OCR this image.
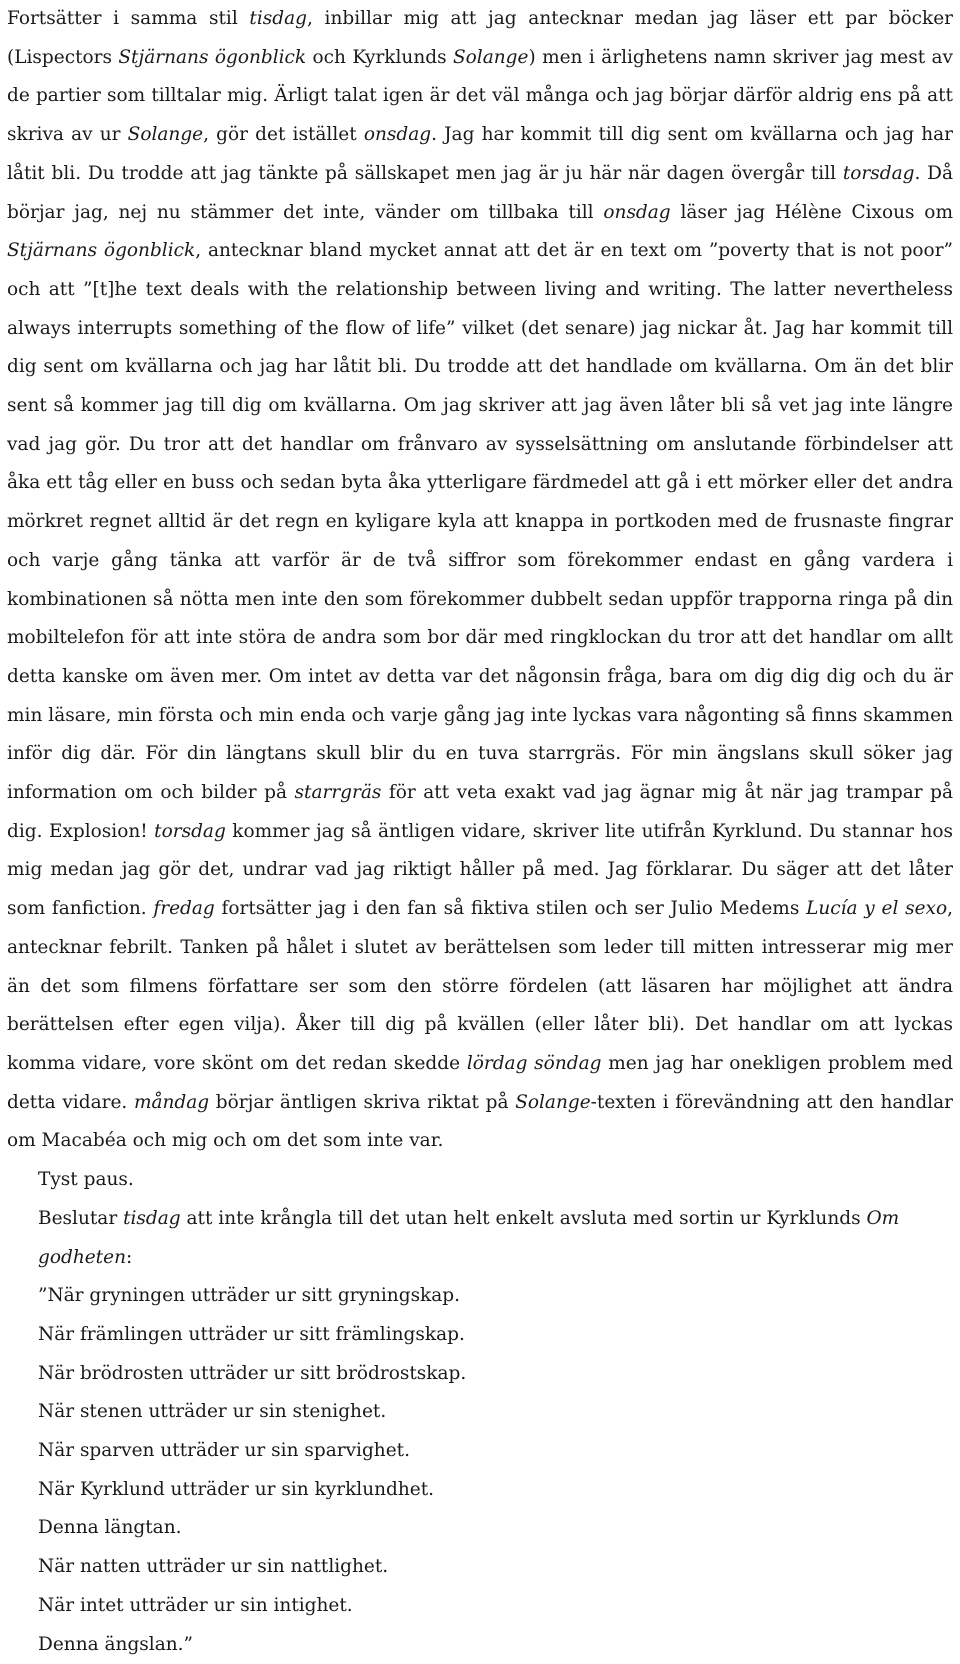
Fortsätter i samma stil tisdag, inbillar mig att jag antecknar medan jag läser ett par böcker (Lispectors Stjärnans ögonblick och Kyrklunds Solange) men i ärlighetens namn skriver jag mest av de partier som tilltalar mig. Ärligt talat igen är det väl många och jag börjar därför aldrig ens på att skriva av ur Solange, gör det istället onsdag. Jag har kommit till dig sent om kvällarna och jag har låtit bli. Du trodde att jag tänkte på sällskapet men jag är ju här när dagen övergår till torsdag. Då börjar jag, nej nu stämmer det inte, vänder om tillbaka till onsdag läser jag Hélène Cixous om Stjärnans ögonblick, antecknar bland mycket annat att det är en text om ”poverty that is not poor” och att ”[t]he text deals with the relationship between living and writing. The latter nevertheless always interrupts something of the flow of life” vilket (det senare) jag nickar åt. Jag har kommit till dig sent om kvällarna och jag har låtit bli. Du trodde att det handlade om kvällarna. Om än det blir sent så kommer jag till dig om kvällarna. Om jag skriver att jag även låter bli så vet jag inte längre vad jag gör. Du tror att det handlar om frånvaro av sysselsättning om anslutande förbindelser att åka ett tåg eller en buss och sedan byta åka ytterligare färdmedel att gå i ett mörker eller det andra mörkret regnet alltid är det regn en kyligare kyla att knappa in portkoden med de frusnaste fingrar och varje gång tänka att varför är de två siffror som förekommer endast en gång vardera i kombinationen så nötta men inte den som förekommer dubbelt sedan uppför trapporna ringa på din mobiltelefon för att inte störa de andra som bor där med ringklockan du tror att det handlar om allt detta kanske om även mer. Om intet av detta var det någonsin fråga, bara om dig dig dig och du är min läsare, min första och min enda och varje gång jag inte lyckas vara någonting så finns skammen inför dig där. För din längtans skull blir du en tuva starrgräs. För min ängslans skull söker jag information om och bilder på starrgräs för att veta exakt vad jag ägnar mig åt när jag trampar på dig. Explosion! torsdag kommer jag så äntligen vidare, skriver lite utifrån Kyrklund. Du stannar hos mig medan jag gör det, undrar vad jag riktigt håller på med. Jag förklarar. Du säger att det låter som fanfiction. fredag fortsätter jag i den fan så fiktiva stilen och ser Julio Medems Lucía y el sexo, antecknar febrilt. Tanken på hålet i slutet av berättelsen som leder till mitten intresserar mig mer än det som filmens författare ser som den större fördelen (att läsaren har möjlighet att ändra berättelsen efter egen vilja). Åker till dig på kvällen (eller låter bli). Det handlar om att lyckas komma vidare, vore skönt om det redan skedde lördag söndag men jag har onekligen problem med detta vidare. måndag börjar äntligen skriva riktat på Solange-texten i förevändning att den handlar om Macabéa och mig och om det som inte var.

Tyst paus.

Beslutar tisdag att inte krångla till det utan helt enkelt avsluta med sortin ur Kyrklunds Om godheten:

”När gryningen utträder ur sitt gryningskap.

När främlingen utträder ur sitt främlingskap.

När brödrosten utträder ur sitt brödrostskap.

När stenen utträder ur sin stenighet.

När sparven utträder ur sin sparvighet.

När Kyrklund utträder ur sin kyrklundhet.

Denna längtan.

När natten utträder ur sin nattlighet.

När intet utträder ur sin intighet.

Denna ängslan.”
